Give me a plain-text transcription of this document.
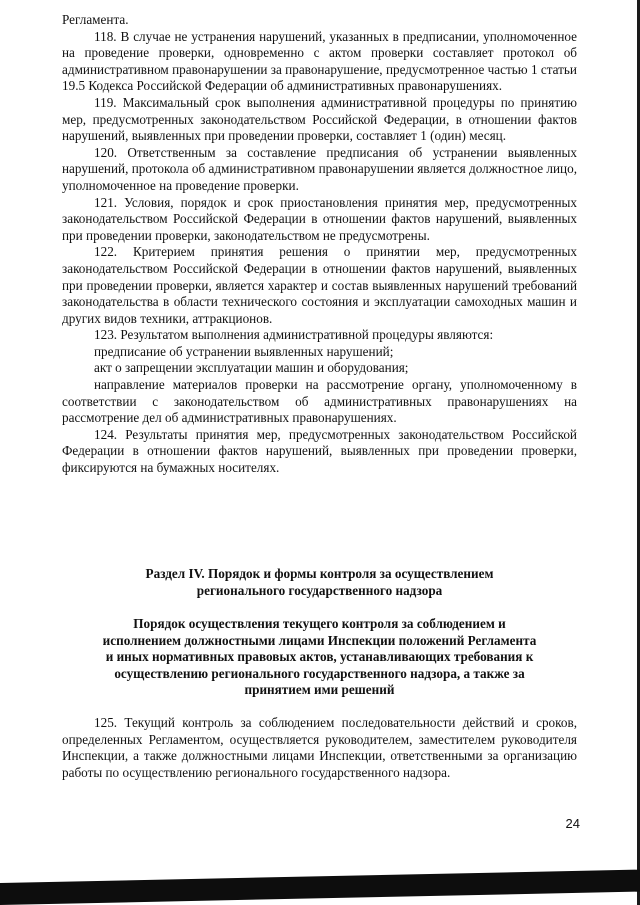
Регламента.

118. В случае не устранения нарушений, указанных в предписании, уполномоченное на проведение проверки, одновременно с актом проверки составляет протокол об административном правонарушении за правонарушение, предусмотренное частью 1 статьи 19.5 Кодекса Российской Федерации об административных правонарушениях.

119. Максимальный срок выполнения административной процедуры по принятию мер, предусмотренных законодательством Российской Федерации, в отношении фактов нарушений, выявленных при проведении проверки, составляет 1 (один) месяц.

120. Ответственным за составление предписания об устранении выявленных нарушений, протокола об административном правонарушении является должностное лицо, уполномоченное на проведение проверки.

121. Условия, порядок и срок приостановления принятия мер, предусмотренных законодательством Российской Федерации в отношении фактов нарушений, выявленных при проведении проверки, законодательством не предусмотрены.

122. Критерием принятия решения о принятии мер, предусмотренных законодательством Российской Федерации в отношении фактов нарушений, выявленных при проведении проверки, является характер и состав выявленных нарушений требований законодательства в области технического состояния и эксплуатации самоходных машин и других видов техники, аттракционов.

123. Результатом выполнения административной процедуры являются:

предписание об устранении выявленных нарушений;

акт о запрещении эксплуатации машин и оборудования;

направление материалов проверки на рассмотрение органу, уполномоченному в соответствии с законодательством об административных правонарушениях на рассмотрение дел об административных правонарушениях.

124. Результаты принятия мер, предусмотренных законодательством Российской Федерации в отношении фактов нарушений, выявленных при проведении проверки, фиксируются на бумажных носителях.

Раздел IV. Порядок и формы контроля за осуществлением
регионального государственного надзора
Порядок осуществления текущего контроля за соблюдением и
исполнением должностными лицами Инспекции положений Регламента
и иных нормативных правовых актов, устанавливающих требования к
осуществлению регионального государственного надзора, а также за
принятием ими решений

125. Текущий контроль за соблюдением последовательности действий и сроков, определенных Регламентом, осуществляется руководителем, заместителем руководителя Инспекции, а также должностными лицами Инспекции, ответственными за организацию работы по осуществлению регионального государственного надзора.

24
